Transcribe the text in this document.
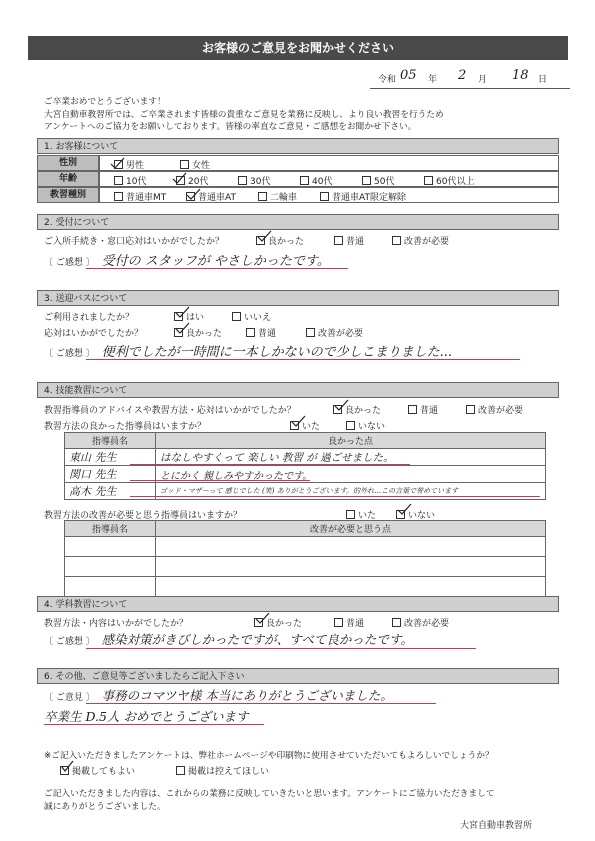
お客様のご意見をお聞かせください
令和 05 年 2 月 18 日
ご卒業おめでとうございます！
大宮自動車教習所では、ご卒業されます皆様の貴重なご意見を業務に反映し、より良い教習を行うため
アンケートへのご協力をお願いしております。皆様の率直なご意見・ご感想をお聞かせ下さい。
1. お客様について
性別	男性	女性
年齢	10代	20代	30代	40代	50代	60代以上
教習種別	普通車MT	普通車AT	二輪車	普通車AT限定解除
2. 受付について
ご入所手続き・窓口応対はいかがでしたか？	良かった	普通	改善が必要
〔 ご感想 〕 受付の スタッフが やさしかったです。
3. 送迎バスについて
ご利用されましたか？	はい	いいえ
応対はいかがでしたか？	良かった	普通	改善が必要
〔 ご感想 〕 便利でしたが一時間に一本しかないので少しこまりました...
4. 技能教習について
教習指導員のアドバイスや教習方法・応対はいかがでしたか？	良かった	普通	改善が必要
教習方法の良かった指導員はいますか？	いた	いない
指導員名	良かった点
東山 先生	はなしやすくって 楽しい 教習 が 過ごせました。
関口 先生	とにかく 親しみやすかったです。
高木 先生	ゴッド・マザーって 感じでした (笑) ありがとうございます。的外れ…この言葉で誉めています
教習方法の改善が必要と思う指導員はいますか？	いた	いない
指導員名	改善が必要と思う点

4. 学科教習について
教習方法・内容はいかがでしたか？	良かった	普通	改善が必要
〔 ご感想 〕 感染対策がきびしかったですが、すべて良かったです。
6. その他、ご意見等ございましたらご記入下さい
〔 ご意見 〕 事務のコマツヤ様 本当にありがとうございました。
卒業生 D.5人 おめでとうございます
※ご記入いただきましたアンケートは、弊社ホームページや印刷物に使用させていただいてもよろしいでしょうか？
掲載してもよい	掲載は控えてほしい
ご記入いただきました内容は、これからの業務に反映していきたいと思います。アンケートにご協力いただきまして
誠にありがとうございました。
大宮自動車教習所
